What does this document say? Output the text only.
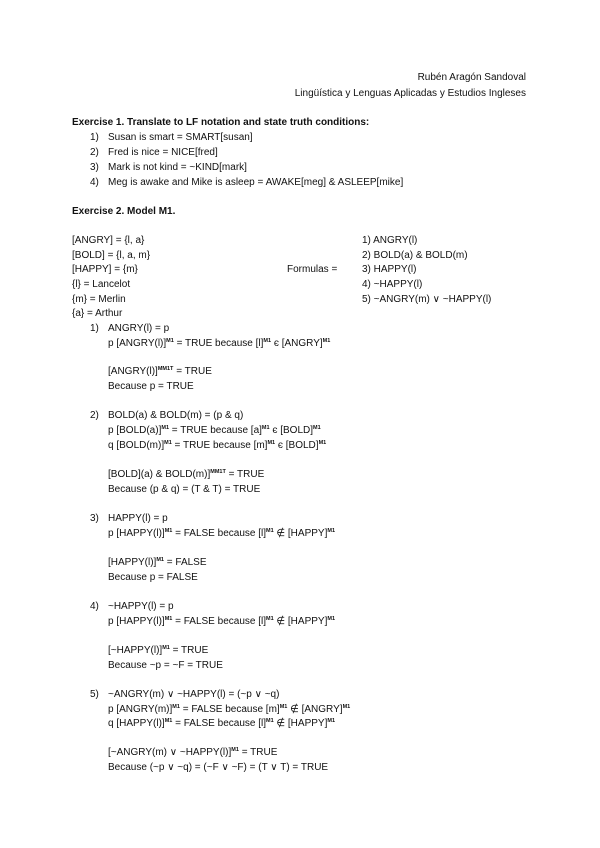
Rubén Aragón Sandoval
Lingüística y Lenguas Aplicadas y Estudios Ingleses
Exercise 1. Translate to LF notation and state truth conditions:
1) Susan is smart = SMART[susan]
2) Fred is nice = NICE[fred]
3) Mark is not kind = ~KIND[mark]
4) Meg is awake and Mike is asleep = AWAKE[meg] & ASLEEP[mike]
Exercise 2. Model M1.
[ANGRY] = {l, a}
[BOLD] = {l, a, m}
[HAPPY] = {m}
{l} = Lancelot
{m} = Merlin
{a} = Arthur
Formulas =
1) ANGRY(l)
2) BOLD(a) & BOLD(m)
3) HAPPY(l)
4) ~HAPPY(l)
5) ~ANGRY(m) ∨ ~HAPPY(l)
1) ANGRY(l) = p
p [ANGRY(l)]$^{M1}$ = TRUE because $[l]^{M1}$ є [ANGRY]$^{M1}$
[ANGRY(l)]$^{MM1T}$ = TRUE
Because p = TRUE
2) BOLD(a) & BOLD(m) = (p & q)
p [BOLD(a)]$^{M1}$ = TRUE because $[a]^{M1}$ є [BOLD]$^{M1}$
q [BOLD(m)]$^{M1}$ = TRUE because $[m]^{M1}$ є [BOLD]$^{M1}$
[BOLD](a) & BOLD(m)]$^{MM1T}$ = TRUE
Because (p & q) = (T & T) = TRUE
3) HAPPY(l) = p
p [HAPPY(l)]$^{M1}$ = FALSE because $[l]^{M1}$ ∉ [HAPPY]$^{M1}$
[HAPPY(l)]$^{M1}$ = FALSE
Because p = FALSE
4) ~HAPPY(l) = p
p [HAPPY(l)]$^{M1}$ = FALSE because $[l]^{M1}$ ∉ [HAPPY]$^{M1}$
[~HAPPY(l)]$^{M1}$ = TRUE
Because ~p = ~F = TRUE
5) ~ANGRY(m) ∨ ~HAPPY(l) = (~p ∨ ~q)
p [ANGRY(m)]$^{M1}$ = FALSE because $[m]^{M1}$ ∉ [ANGRY]$^{M1}$
q [HAPPY(l)]$^{M1}$ = FALSE because $[l]^{M1}$ ∉ [HAPPY]$^{M1}$
[~ANGRY(m) ∨ ~HAPPY(l)]$^{M1}$ = TRUE
Because (~p ∨ ~q) = (~F ∨ ~F) = (T ∨ T) = TRUE
